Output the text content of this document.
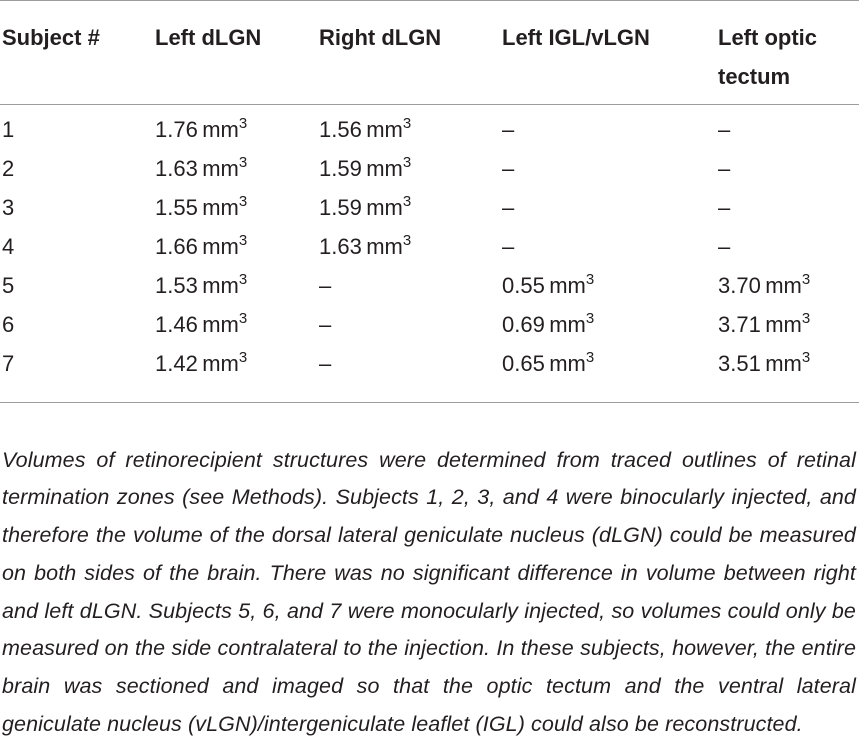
Subject #	Left dLGN	Right dLGN	Left IGL/vLGN	Left optic
tectum
1	1.76  $mm^3$	1.56  $mm^3$	–	–
2	1.63  $mm^3$	1.59  $mm^3$	–	–
3	1.55  $mm^3$	1.59  $mm^3$	–	–
4	1.66  $mm^3$	1.63  $mm^3$	–	–
5	1.53  $mm^3$	–	0.55  $mm^3$	3.70  $mm^3$
6	1.46  $mm^3$	–	0.69  $mm^3$	3.71  $mm^3$
7	1.42  $mm^3$	–	0.65  $mm^3$	3.51  $mm^3$

Volumes of retinorecipient structures were determined from traced outlines of retinal termination zones (see Methods). Subjects 1, 2, 3, and 4 were binocularly injected, and therefore the volume of the dorsal lateral geniculate nucleus (dLGN) could be measured on both sides of the brain. There was no significant difference in volume between right and left dLGN. Subjects 5, 6, and 7 were monocularly injected, so volumes could only be measured on the side contralateral to the injection. In these subjects, however, the entire brain was sectioned and imaged so that the optic tectum and the ventral lateral geniculate nucleus (vLGN)/intergeniculate leaflet (IGL) could also be reconstructed.
